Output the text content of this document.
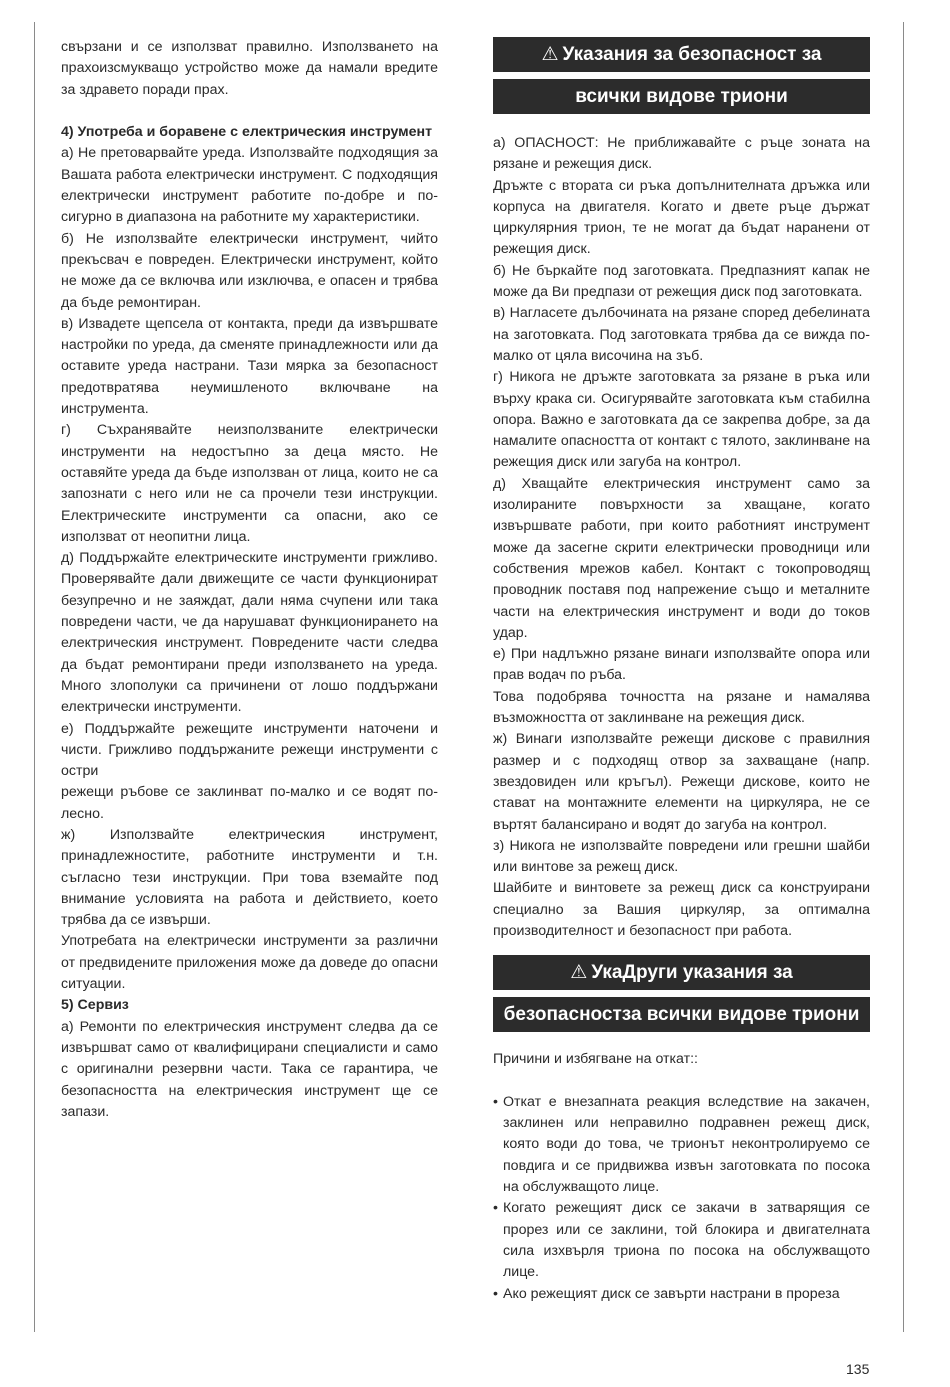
свързани и се използват правилно. Използването на прахоизсмукващо устройство може да намали вредите за здравето поради прах.

4) Употреба и боравене с електрическия инструмент

а) Не претоварвайте уреда. Използвайте подходящия за Вашата работа електрически инструмент. С подходящия електрически инструмент работите по-добре и по-сигурно в диапазона на работните му характеристики.

б) Не използвайте електрически инструмент, чийто прекъсвач е повреден. Електрически инструмент, който не може да се включва или изключва, е опасен и трябва да бъде ремонтиран.

в) Извадете щепсела от контакта, преди да извършвате настройки по уреда, да сменяте принадлежности или да оставите уреда настрани. Тази мярка за безопасност предотвратява неумишленото включване на инструмента.

г) Съхранявайте неизползваните електрически инструменти на недостъпно за деца място. Не оставяйте уреда да бъде използван от лица, които не са запознати с него или не са прочели тези инструкции. Електрическите инструменти са опасни, ако се използват от неопитни лица.

д) Поддържайте електрическите инструменти грижливо. Проверявайте дали движещите се части функционират безупречно и не заяждат, дали няма счупени или така повредени части, че да нарушават функционирането на електрическия инструмент. Повредените части следва да бъдат ремонтирани преди използването на уреда. Много злополуки са причинени от лошо поддържани електрически инструменти.

е) Поддържайте режещите инструменти наточени и чисти. Грижливо поддържаните режещи инструменти с остри

режещи ръбове се заклинват по-малко и се водят по-лесно.

ж) Използвайте електрическия инструмент, принадлежностите, работните инструменти и т.н. съгласно тези инструкции. При това вземайте под внимание условията на работа и действието, което трябва да се извърши.

Употребата на електрически инструменти за различни от предвидените приложения може да доведе до опасни ситуации.

5) Сервиз

а) Ремонти по електрическия инструмент следва да се извършват само от квалифицирани специалисти и само с оригинални резервни части. Така се гарантира, че безопасността на електрическия инструмент ще се запази.

⚠ Указания за безопасност за
всички видове триони

а) ОПАСНОСТ: Не приближавайте с ръце зоната на рязане и режещия диск.

Дръжте с втората си ръка допълнителната дръжка или корпуса на двигателя. Когато и двете ръце държат циркулярния трион, те не могат да бъдат наранени от режещия диск.

б) Не бъркайте под заготовката. Предпазният капак не може да Ви предпази от режещия диск под заготовката.

в) Нагласете дълбочината на рязане според дебелината на заготовката. Под заготовката трябва да се вижда по-малко от цяла височина на зъб.

г) Никога не дръжте заготовката за рязане в ръка или върху крака си. Осигурявайте заготовката към стабилна опора. Важно е заготовката да се закрепва добре, за да намалите опасността от контакт с тялото, заклинване на режещия диск или загуба на контрол.

д) Хващайте електрическия инструмент само за изолираните повърхности за хващане, когато извършвате работи, при които работният инструмент може да засегне скрити електрически проводници или собствения мрежов кабел. Контакт с токопроводящ проводник поставя под напрежение също и металните части на електрическия инструмент и води до токов удар.

е) При надлъжно рязане винаги използвайте опора или прав водач по ръба.

Това подобрява точността на рязане и намалява възможността от заклинване на режещия диск.

ж) Винаги използвайте режещи дискове с правилния размер и с подходящ отвор за захващане (напр. звездовиден или кръгъл). Режещи дискове, които не стават на монтажните елементи на циркуляра, не се въртят балансирано и водят до загуба на контрол.

з) Никога не използвайте повредени или грешни шайби или винтове за режещ диск.

Шайбите и винтовете за режещ диск са конструирани специално за Вашия циркуляр, за оптимална производителност и безопасност при работа.

⚠ УкаДруги указания за
безопасностза всички видове триони

Причини и избягване на откат::

• Откат е внезапната реакция вследствие на закачен, заклинен или неправилно подравнен режещ диск, която води до това, че трионът неконтролируемо се повдига и се придвижва извън заготовката по посока на обслужващото лице.
• Когато режещият диск се закачи в затварящия се прорез или се заклини, той блокира и двигателната сила изхвърля триона по посока на обслужващото лице.
• Ако режещият диск се завърти настрани в прореза
135
